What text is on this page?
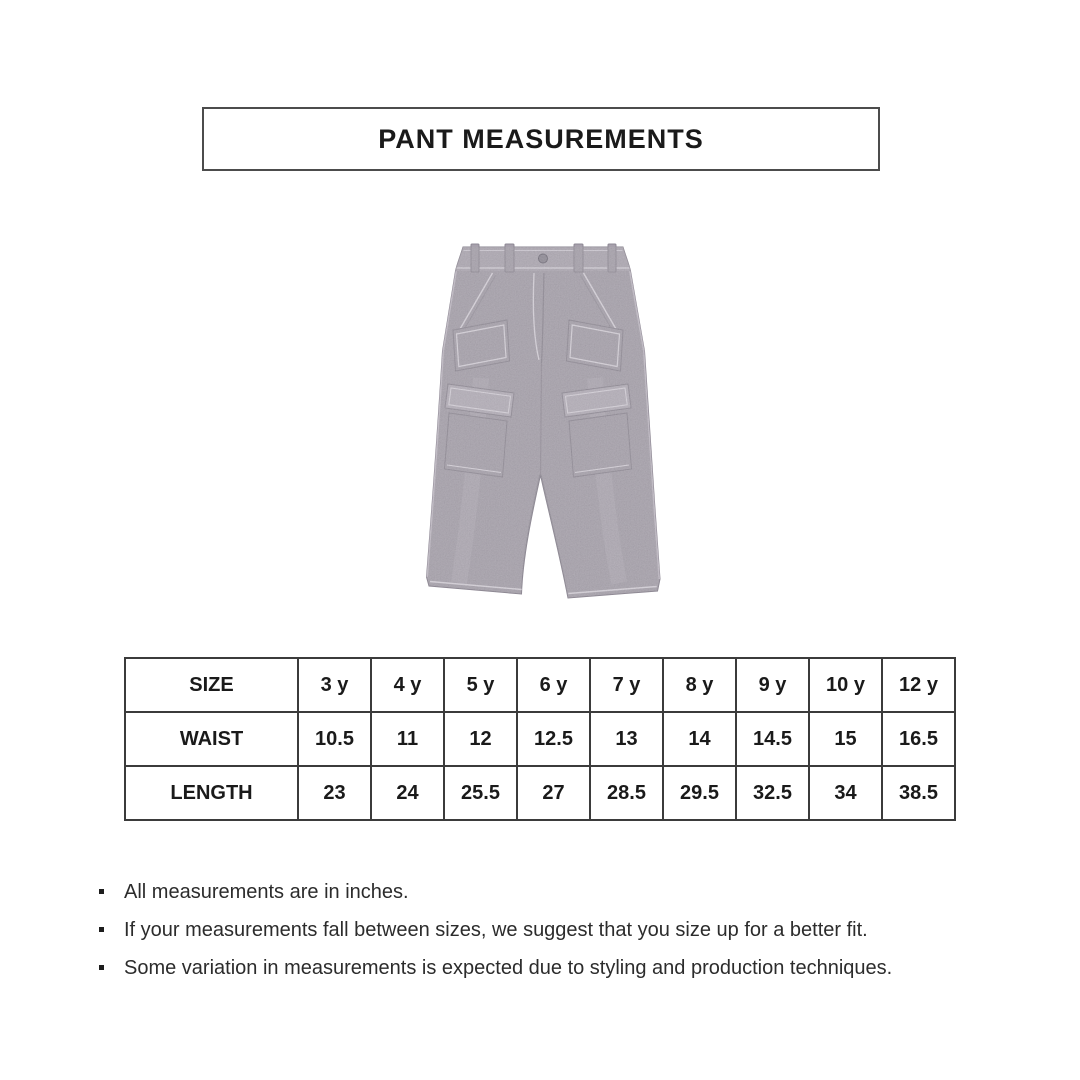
PANT MEASUREMENTS
SIZE	3 y	4 y	5 y	6 y	7 y	8 y	9 y	10 y	12 y
WAIST	10.5	11	12	12.5	13	14	14.5	15	16.5
LENGTH	23	24	25.5	27	28.5	29.5	32.5	34	38.5
All measurements are in inches.
If your measurements fall between sizes, we suggest that you size up for a better fit.
Some variation in measurements is expected due to styling and production techniques.
